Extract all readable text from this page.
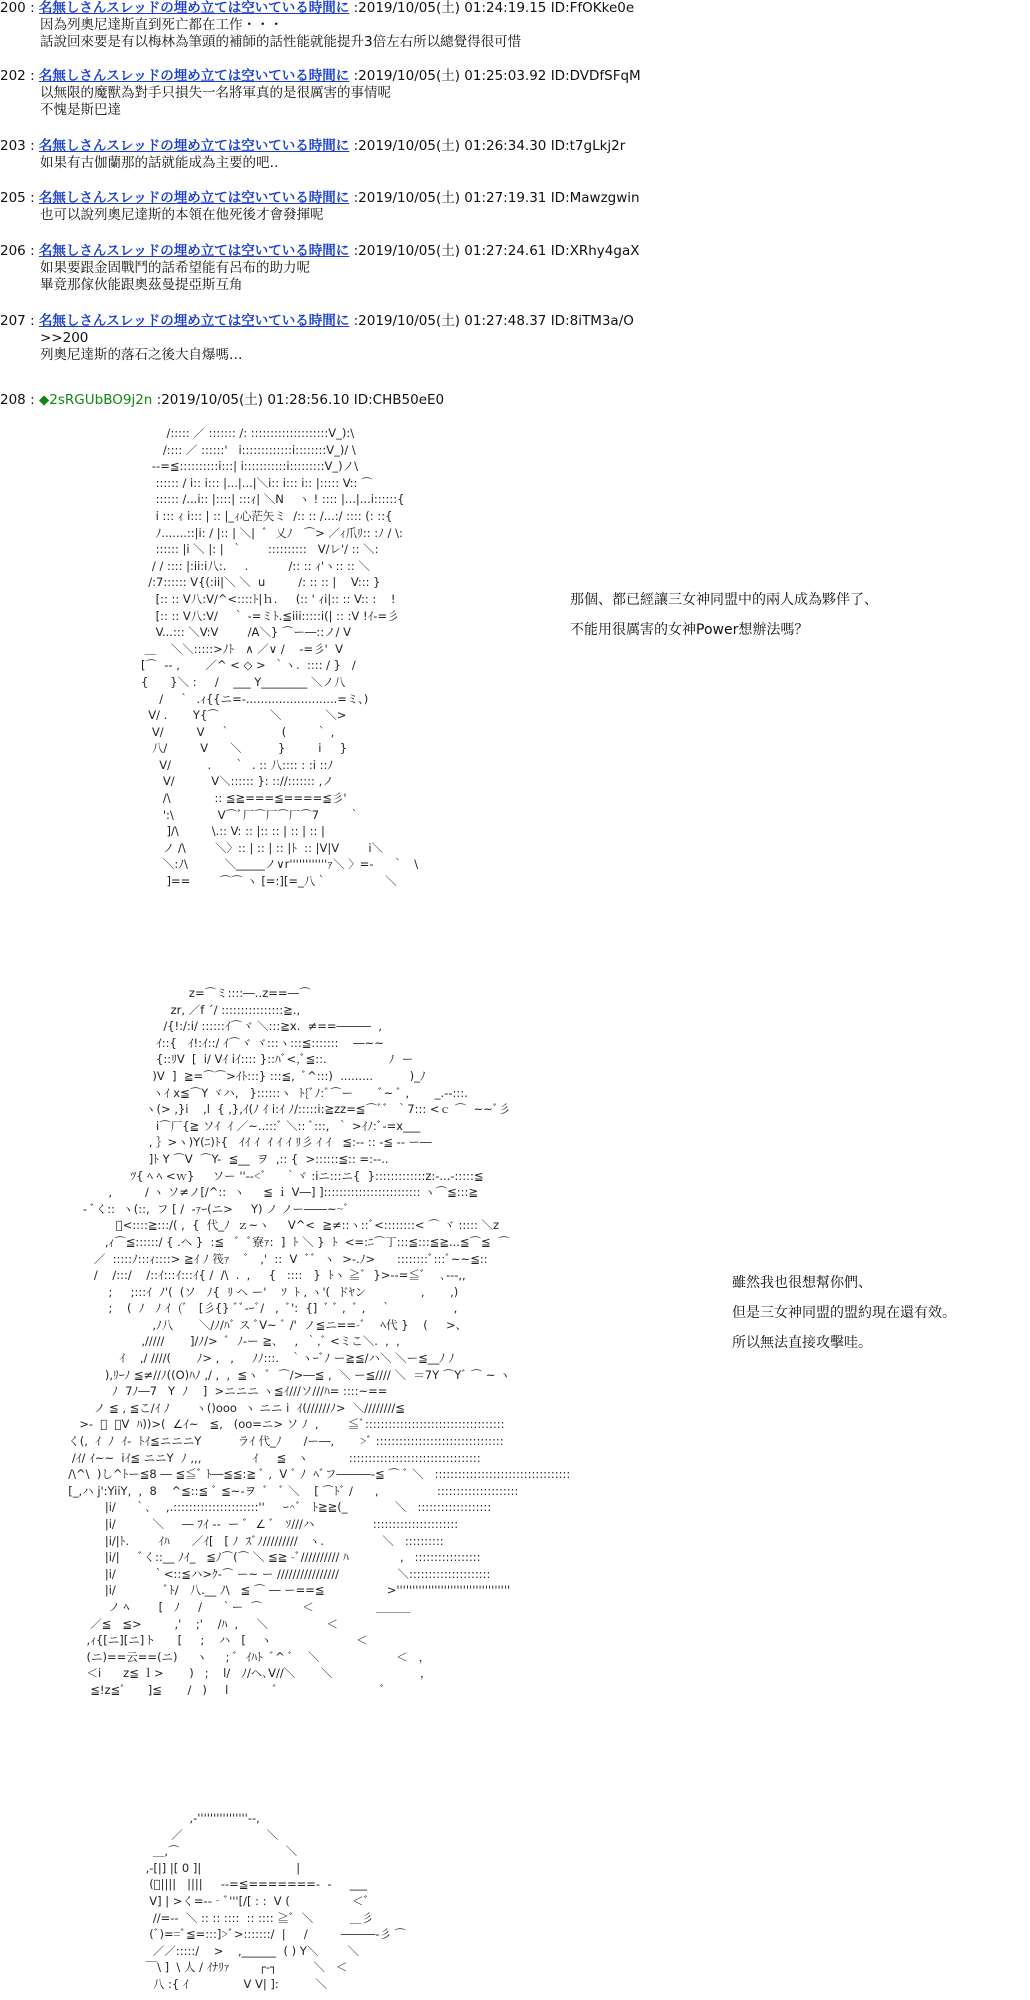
200 : 名無しさんスレッドの埋め立ては空いている時間に :2019/10/05(土) 01:24:19.15 ID:FfOKke0e
因為列奧尼達斯直到死亡都在工作・・・
話說回來要是有以梅林為筆頭的補師的話性能就能提升3倍左右所以總覺得很可惜
202 : 名無しさんスレッドの埋め立ては空いている時間に :2019/10/05(土) 01:25:03.92 ID:DVDfSFqM
以無限的魔獸為對手只損失一名將軍真的是很厲害的事情呢
不愧是斯巴達
203 : 名無しさんスレッドの埋め立ては空いている時間に :2019/10/05(土) 01:26:34.30 ID:t7gLkj2r
如果有古伽蘭那的話就能成為主要的吧‥
205 : 名無しさんスレッドの埋め立ては空いている時間に :2019/10/05(土) 01:27:19.31 ID:Mawzgwin
也可以說列奧尼達斯的本領在他死後才會發揮呢
206 : 名無しさんスレッドの埋め立ては空いている時間に :2019/10/05(土) 01:27:24.61 ID:XRhy4gaX
如果要跟金固戰鬥的話希望能有呂布的助力呢
畢竟那傢伙能跟奧茲曼提亞斯互角
207 : 名無しさんスレッドの埋め立ては空いている時間に :2019/10/05(土) 01:27:48.37 ID:8iTM3a/O
>>200
列奧尼達斯的落石之後大自爆嗎…
208 : ◆2sRGUbBO9j2n :2019/10/05(土) 01:28:56.10 ID:CHB50eE0
/::::: ／ ::::::: /: ::::::::::::::::::::V_):\
/:::: ／ ::::::'   i:::::::::::::i::::::::V_)/ \
--=≦::::::::::i:::| i:::::::::::i:::::::::V_)ノ\
:::::: / i:: i::: |...|...|＼i:: i::: i:: |::::: V:: ⌒
:::::: /...i:: |::::| :::ｨ| ＼N    ヽ ! :::: |...|...i::::::{
i ::: ｨ i::: | :: |_ｨ心茫矢ミ  /:: :: /...:/ :::: (: ::{
ﾉ.......::|i: / |:: | ＼|  ﾞ  乂ﾉ   ⌒> ／ｨ爪ﾘ:: :ﾉ / \:
:::::: |i ＼ |: |  ｀       ::::::::::   V/レ'/ :: ＼:
/ / :::: |:ii:i八:.     .           /:: :: ｨ'ヽ:: :: ＼
/:7:::::: V{(:ii|＼ ＼  u         /: :: :: |    V::: }
[:: :: V八:V/^<::::ﾄ|ｈ.     (:: ' ｨi|:: :: V:: :    !
[:: :: V八:V/    ｀ -=ミﾄ.≦iii:::::i(| :: :V !ｲ-=彡
V...::: ＼V:V        /A＼} ⌒ー―::ノ/ V
＿    ＼＼:::::>ﾉﾄ   ∧ ／∨ /    -=彡'  V
[⌒  -- ,       ／^ < ◇ >  ｀ヽ.  :::: / }   /
{      }＼ :     /    ___ Y________ ＼ノ八
/    ｀  .ｨ{{ニ=-.........................=ミ、)
V/ .       Y{⌒              ＼            ＼>
V/         V    ｀              (        ｀ ,
八/         V      ＼          }         i     }
V/          .      ｀  . :: 八:::: : :i ::ﾉ
V/          V＼:::::: }: :://::::::: ,ノ
/\            :: ≦≧===≦====≦彡'
':\            V⌒ﾞ厂⌒厂⌒厂⌒7        ｀
]/\         \.:: V: :: |:: :: | :: | :: |
ノ /\        ＼〉:: | :: | :: |ﾄ  :: |V|V        i＼
＼:ﾉ\          ＼_____ノ∨r''''''''''''ｧ＼ 〉=-     ｀   \
]==        ⌒⌒ ヽ [=:][=_八｀                ＼
那個、都已經讓三女神同盟中的兩人成為夥伴了、
不能用很厲害的女神Power想辦法嗎？
z=⌒ミ::::―‥z==―⌒
zr, ／f ´/ ::::::::::::::::≧.,
/{!:/:i/ ::::::ｲ⌒ヾ ＼:::≧x.  ≠==―――  ,
ｲ::{   ｲ!:ｲ::/ ｲ⌒ヾ ヾ:::ヽ:::≦:::::::    ―~~
{::ﾘV  [  i/ Vｲ iｲ:::: }::ﾊﾞ<,ﾞ≦::.                 ﾉ  ー
)V  ]  ≧=⌒⌒>ｲﾄ:::} :::≦,  ﾞ^:::)  .........          )_ﾉ
ヽｲ x≦⌒Y ヾハ,   }::::::ヽ  ﾄ{ﾞﾉ:ﾞ⌒ー       ﾞ~ ﾞ ,       _.--:::.
ヽ(> ,}i    ,l  { ,},ｲ(ﾉ ｲ i:ｲ ﾉ/:::::i:≧zz=≦⌒ﾞﾞ  ｀7::: <ｃ ⌒  ~~ﾞ彡
i⌒厂{≧ ソｲ  ｲ ／~..:::ﾞ ＼:: ﾞ:::,  ｀ >ｲﾉ:ﾞ-=x___
, ｝>ヽ)Y(ﾆ)ﾄ{   ｲｲ ｲ  ｲ ｲ ｲ ﾘ彡 ｲ ｲ   ≦:-- :: -≦ -- ー―
]ﾄ Y ⌒V  ⌒Y-  ≦__  ヲ  ,:: {  >::::::≦:: =:--..
ﾂ{ ﾍ ﾍ <ｗ}     ソー ''--<ﾞ     ｀ヾ :iニ:::ニ{  }:::::::::::::z:-...-:::::≦
,         / ヽ ソ≠ノ[/^::  ヽ     ≦ ｉ V―] ]::::::::::::::::::::::::: ヽ⌒≦:::≧
- ﾞく::  ヽ(::,  フ [ /  -ｧｰ(ニ>     Y) ノ ノー――~~ﾞ
ﾞ<::::≧:::/( ,  {  代_ﾉ  ｚ~ヽ     V^<  ≧≠::ヽ::ﾞ<::::::::< ⌒ ヾ ::::: ＼z
,ｨ⌒≦::::::/ { .へ }  :≦   ﾞ  ﾞ寮ｧ:  ]  ﾄ ＼ }  ﾄ  <=:ﾆ⌒丁:::≦:::≦≧...≦⌒≦  ⌒
／  :::::ﾉ:::ｨ::::> ≧ｲ ﾉ 筏ｧ    ﾞ   ,'  ::  V  ﾞﾞ  ヽ  >-.ﾉ>      ::::::::ﾞ:::ﾞ~~≦::
/    /:::/    /::ｲ:::ｲ:::ｲ{ /  /\  .  ,     {   ::::   }  ﾄヽ ≧ﾞ  }>--=≦ﾞ    ､---,,
;     ;:::ｲ  ﾉ'(  (ソ   ﾉ{  ﾘ ヘ ー'    ｿ  ﾄ , ヽ'(  ドﾔン               ,       ,)
;    (  ﾉ   ﾉ ｲ  (ﾞ   [彡{} ﾞﾞ-ｰﾞ/   ,  ﾞ':  {]  ﾞ ﾞ ,  ﾞ ,    ｀                 ,
,ﾉ八       ＼/ﾉ/ﾊﾞ ス ﾞV~ ﾞ /'  ノ≦ニ==-ﾞ    ﾍ代 }    (     >、
,/////       ]/ﾉ/>  ﾞ  ﾉ-ー ≧、   ,  ｀,ﾞ <ミこ＼.  ,  ,
ｲ    ,/ ////(       ﾉ> ,   ,     ﾉﾉ:::.   ｀ヽｰﾞﾉ ー≧≦/ハ＼ ＼ー≦__ﾉ ﾉ
),ﾘｰﾉ ≦≠//ﾉ((O)ﾊﾉ ,/ ,  ,  ≦ヽ  ﾞ  ⌒/>―≦ ,  ＼ ー≦//// ＼  ＝7Y ⌒Yﾞ ⌒ ~ ヽ
ﾉ  7ﾉ―7   Y  ﾉ    ]  >ニニニ ヽ≦ｲ///ソ///ﾊ= ::::~==
ノ ≦ , ≦こ/ｲ ﾉ       ヽ()ooo  ヽ ニニ i  ｲ(//////ﾉ>  ＼////////≦
>-  ﾞ  ⌒V  ﾊ))>(  ∠ｲ~   ≦,   (oo=ニ> ソ ﾉ  ,        ≦ﾞ::::::::::::::::::::::::::::::::::::
く(,  ｲ  ﾉ  ｲ-  ﾄｲ≦ニニニY          ラｲ 代_ﾉ      /ー―,       >ﾞ :::::::::::::::::::::::::::::::::
/ｲ/ ｲ~~  iｲ≦ ニニY  ﾉ ,,,              ｲ     ≦   ヽ           ::::::::::::::::::::::::::::::::::
/\^\  )し^ﾄー≦8 ― ≦≦ﾞ ﾄ―≦≦:≧ ﾞ ,  V ﾞ ﾉ  ﾍﾞフ―――-≦ ⌒ ﾞ ＼   :::::::::::::::::::::::::::::::::::
[_,ハ j':YiiY,  ,  8    ^≦::≦ ﾞ ≦~-ヲ  ﾞ   ﾞ ＼    [ ⌒ﾄﾞ /      ,                :::::::::::::::::::::
|i/     ｀､    ,.::::::::::::::::::::::''     ｰ^ﾞ   ﾄ≧≧(_             ＼   :::::::::::::::::::
|i/          ＼     ― ﾌｲ --  ー ﾞ  ∠ ﾞ   ｿ///ハ                ::::::::::::::::::::::
|i/|ﾄ.        ｲﾊ      ／ｲ[   [ ﾉ  ｽﾞﾉ/////////   ヽ.                ＼   ::::::::::
|i/|     ﾞく::__ ﾉｲ_   ≦ﾉ⌒(⌒ ＼ ≦≧ -ﾞ////////// ﾊ              ,   :::::::::::::::::
|i/          ｀<::≦ハ>ｸ-⌒ ー~ ー ////////////////                ＼:::::::::::::::::::::
|i/             ﾞﾄ/   八.__ ﾉ\   ≦ ⌒ ― ー==≦                 >''''''''''''''''''''''''''''''''''''
ノ ﾍ        [   ﾉ     /     ｀ー  ⌒           ＜                 ＿＿＿
／≦   ≦>         ,'    ;'    /ﾊ  ,     ＼                ＜
,ｨ{[ニ][ニ]ト      [     ;    ハ   [    ヽ                       ＜
(ニ)==云==(ニ)     ヽ     ; ﾞ  ｲﾊﾄ  ﾞ^ ﾞ    ＼                     ＜   ，
＜i      z≦ ｌ>       )   ;    l/   ﾉ/へ､V//＼       ＼                        ，
≦!z≦ﾞ      ]≦       /   )     l            ﾞ                            ﾞ
雖然我也很想幫你們、
但是三女神同盟的盟約現在還有效。
所以無法直接攻擊哇。
,-''''''''''''''''--,
／                       ＼
＿,⌒                             ＼
,‐[|] |[ 0 ]|                          |
(ﾞ||||   ||||     --=≦=======-  -     ___
V] | >く=--‐ﾞ'''[/[ : :  V (                 ＜ﾞ
//=--  ＼ :: :: ::::  :: :::: ≧ﾞ  ＼          ＿彡
(ﾞ)==ﾞ≦=:::]>ﾞ>:::::::/  |     /         ―――-彡 ⌒
／／:::::/    >    ,______  ( ) Y＼        ＼
￣\ ]  \ 人 / ｲﾅﾘｧ        ┌-┐          ＼   ＜
八 :{ ｲ               V V| ]:          ＼
